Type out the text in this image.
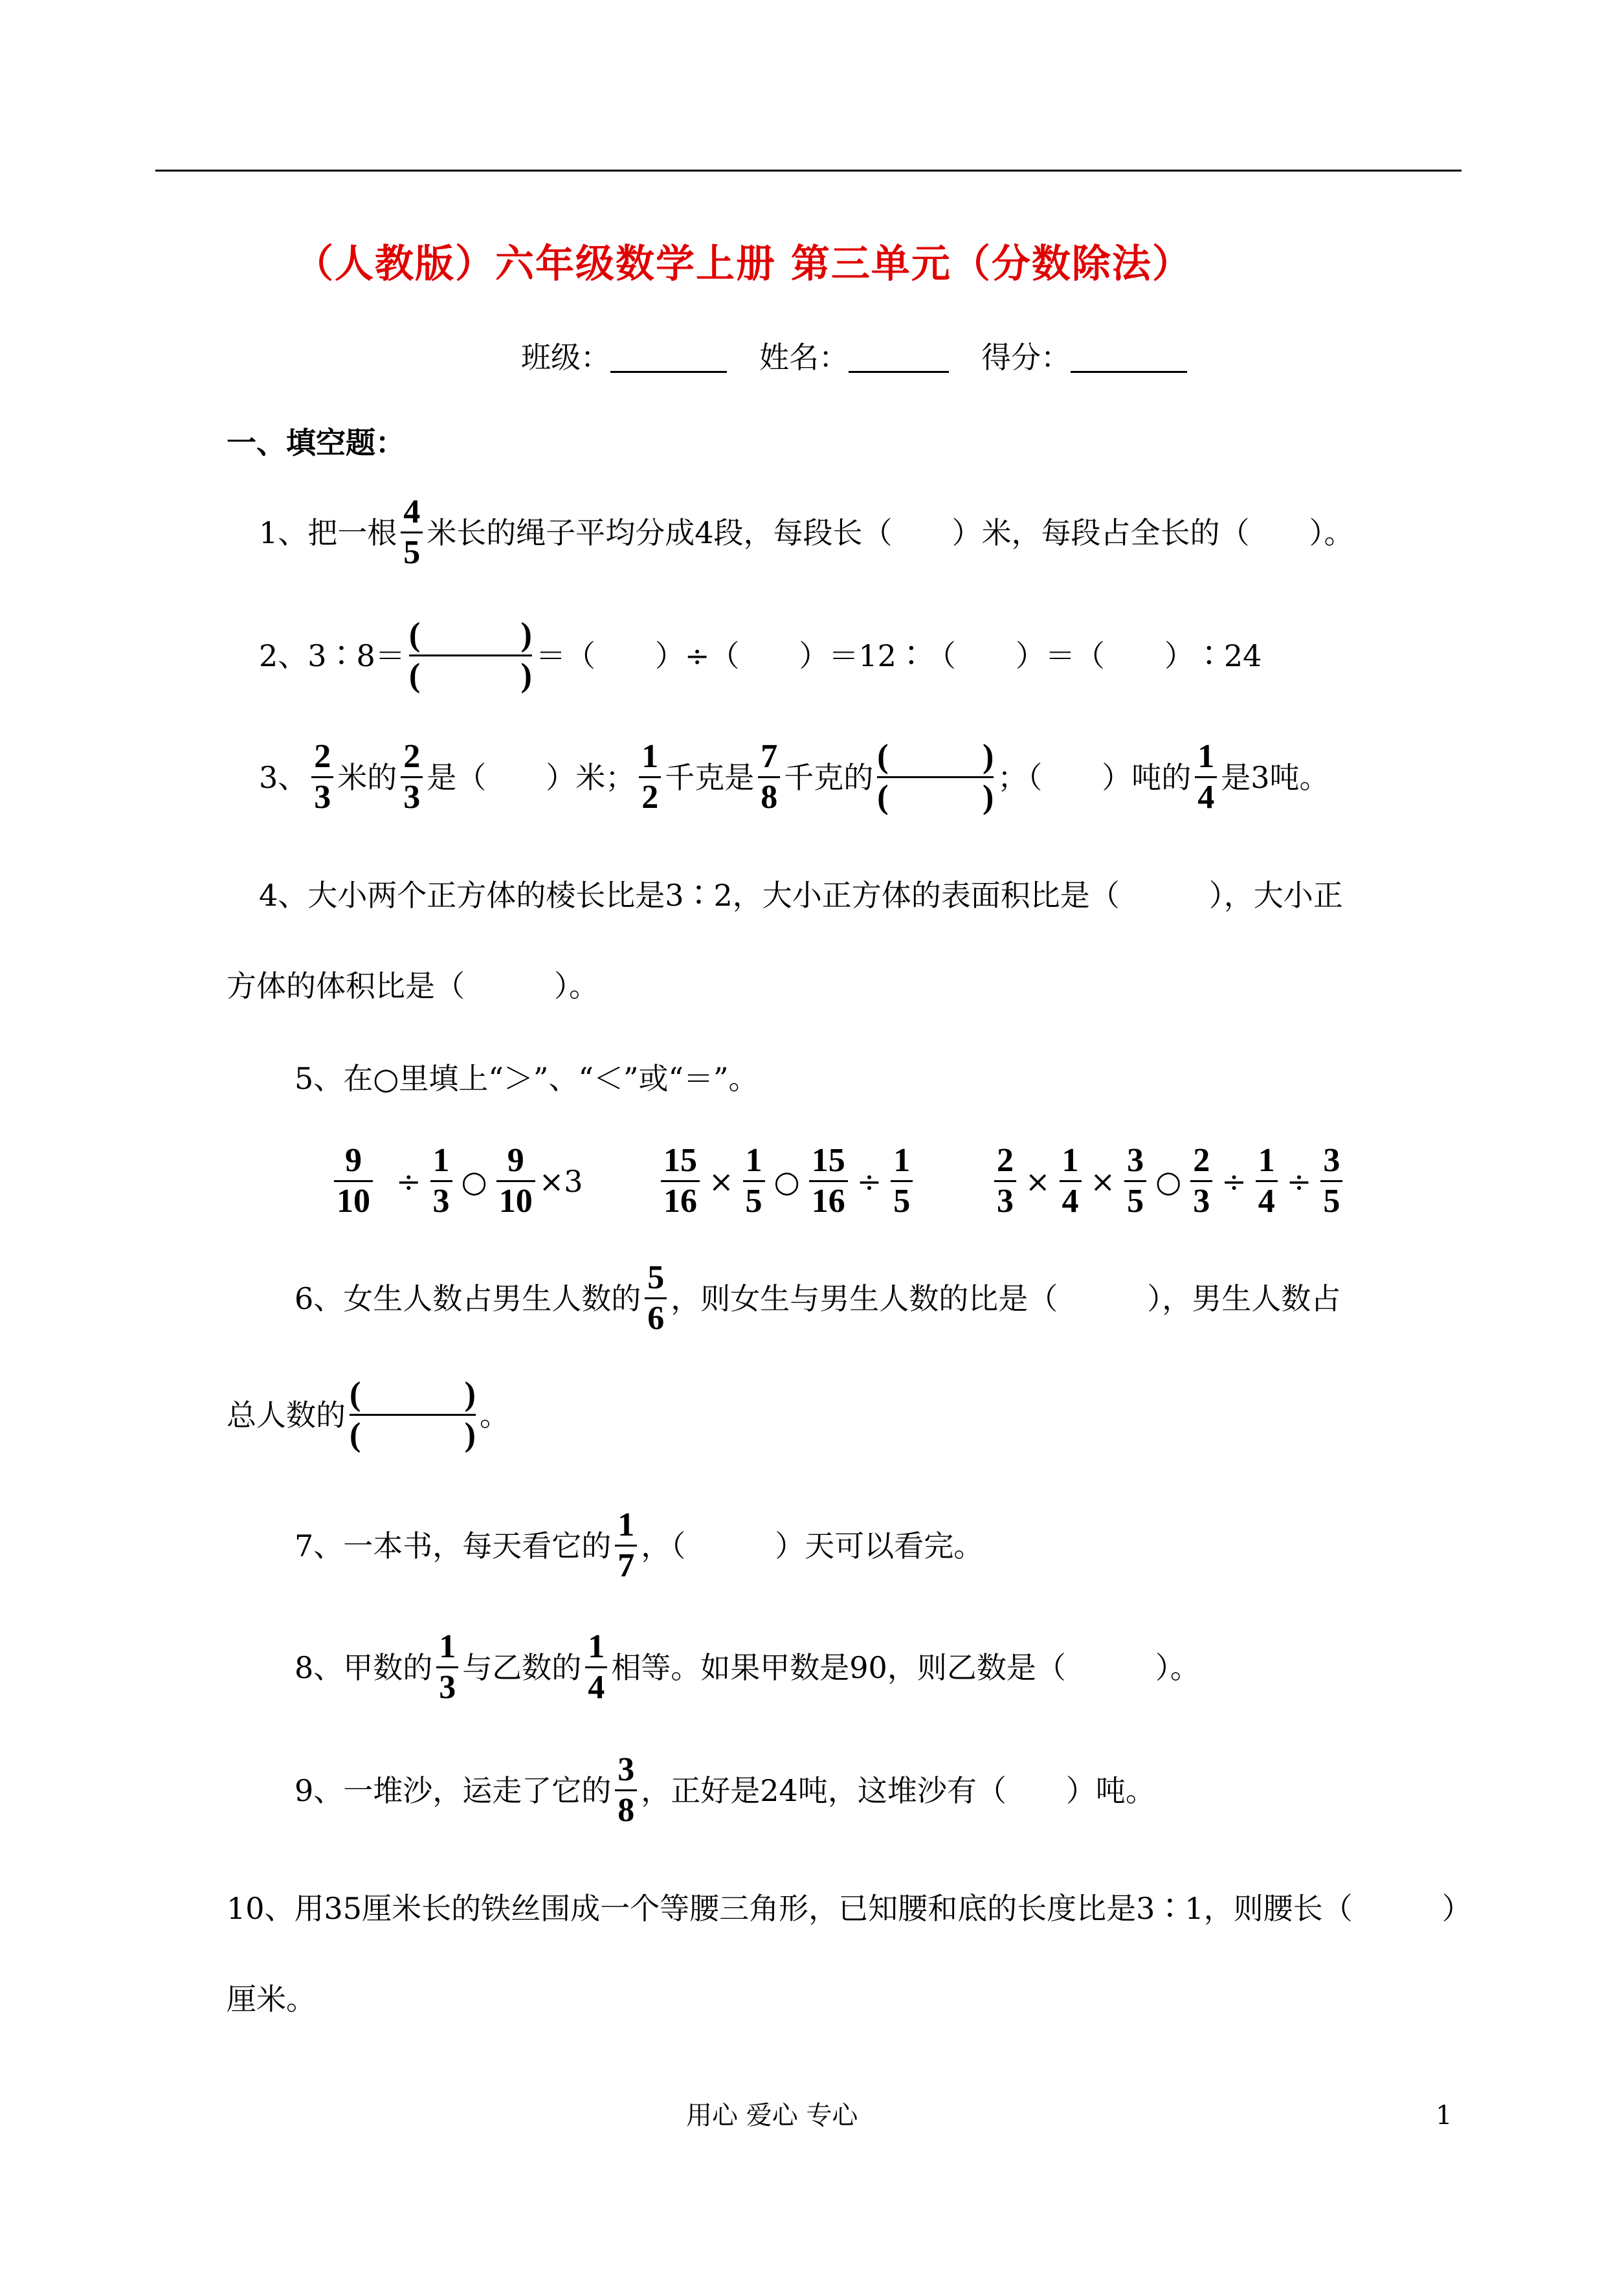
（人教版）六年级数学上册 第三单元（分数除法）
班级：	姓名：	得分：
一、填空题：
1、把一根 $\frac{4}{5}$ 米长的绳子平均分成4段，每段长（　　）米，每段占全长的（　　）。
2、3∶8＝ (	)
(	) ＝（　　）÷（　　）＝12∶（　　）＝（　　）∶24
3、 $\frac{2}{3}$ 米的 $\frac{2}{3}$ 是（　　）米； $\frac{1}{2}$ 千克是 $\frac{7}{8}$ 千克的 (	)
(	) ；（　　）吨的 $\frac{1}{4}$ 是3吨。
4、大小两个正方体的棱长比是3∶2，大小正方体的表面积比是（　　　），大小正
方体的体积比是（　　　）。
5、在○里填上“＞”、“＜”或“＝”。
$\frac{9}{10} \div \frac{1}{3}$ ○ $\frac{9}{10} \times 3 \frac{15}{16} \times \frac{1}{5}$ ○ $\frac{15}{16} \div \frac{1}{5} \frac{2}{3} \times \frac{1}{4} \times \frac{3}{5}$ ○ $\frac{2}{3} \div \frac{1}{4} \div \frac{3}{5}$
6、女生人数占男生人数的 $\frac{5}{6}$ ，则女生与男生人数的比是（　　　），男生人数占
总人数的 (	)
(	) 。
7、一本书，每天看它的 $\frac{1}{7}$ ，（　　　）天可以看完。
8、甲数的 $\frac{1}{3}$ 与乙数的 $\frac{1}{4}$ 相等。如果甲数是90，则乙数是（　　　）。
9、一堆沙，运走了它的 $\frac{3}{8}$ ，正好是24吨，这堆沙有（　　）吨。
10、用35厘米长的铁丝围成一个等腰三角形，已知腰和底的长度比是3∶1，则腰长（　　　）
厘米。
用心 爱心 专心	1
